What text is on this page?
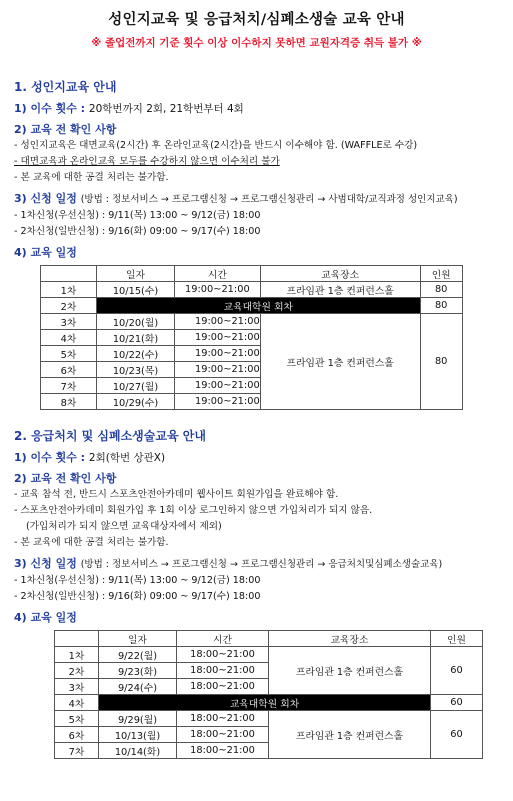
성인지교육 및 응급처치/심폐소생술 교육 안내
※ 졸업전까지 기준 횟수 이상 이수하지 못하면 교원자격증 취득 불가 ※
1. 성인지교육 안내
1) 이수 횟수 : 20학번까지 2회, 21학번부터 4회
2) 교육 전 확인 사항
- 성인지교육은 대면교육(2시간) 후 온라인교육(2시간)을 반드시 이수해야 함. (WAFFLE로 수강)
- 대면교육과 온라인교육 모두를 수강하지 않으면 이수처리 불가
- 본 교육에 대한 공결 처리는 불가함.
3) 신청 일정 (방법 : 정보서비스 → 프로그램신청 → 프로그램신청관리 → 사범대학/교직과정 성인지교육)
- 1차신청(우선신청) : 9/11(목) 13:00 ~ 9/12(금) 18:00
- 2차신청(일반신청) : 9/16(화) 09:00 ~ 9/17(수) 18:00
4) 교육 일정
	일자	시간	교육장소	인원
1차	10/15(수)	19:00~21:00	프라임관 1층 컨퍼런스홀	80
2차	교육대학원 회차			80
3차	10/20(월)	19:00~21:00	프라임관 1층 컨퍼런스홀	80
4차	10/21(화)	19:00~21:00		
5차	10/22(수)	19:00~21:00		
6차	10/23(목)	19:00~21:00		
7차	10/27(월)	19:00~21:00		
8차	10/29(수)	19:00~21:00		
2. 응급처치 및 심폐소생술교육 안내
1) 이수 횟수 : 2회(학번 상관X)
2) 교육 전 확인 사항
- 교육 참석 전, 반드시 스포츠안전아카데미 웹사이트 회원가입을 완료해야 함.
- 스포츠안전아카데미 회원가입 후 1회 이상 로그인하지 않으면 가입처리가 되지 않음.
(가입처리가 되지 않으면 교육대상자에서 제외)
- 본 교육에 대한 공결 처리는 불가함.
3) 신청 일정 (방법 : 정보서비스 → 프로그램신청 → 프로그램신청관리 → 응급처치및심폐소생술교육)
- 1차신청(우선신청) : 9/11(목) 13:00 ~ 9/12(금) 18:00
- 2차신청(일반신청) : 9/16(화) 09:00 ~ 9/17(수) 18:00
4) 교육 일정
	일자	시간	교육장소	인원
1차	9/22(월)	18:00~21:00	프라임관 1층 컨퍼런스홀	60
2차	9/23(화)	18:00~21:00		
3차	9/24(수)	18:00~21:00		
4차	교육대학원 회차			60
5차	9/29(월)	18:00~21:00	프라임관 1층 컨퍼런스홀	60
6차	10/13(월)	18:00~21:00		
7차	10/14(화)	18:00~21:00		
